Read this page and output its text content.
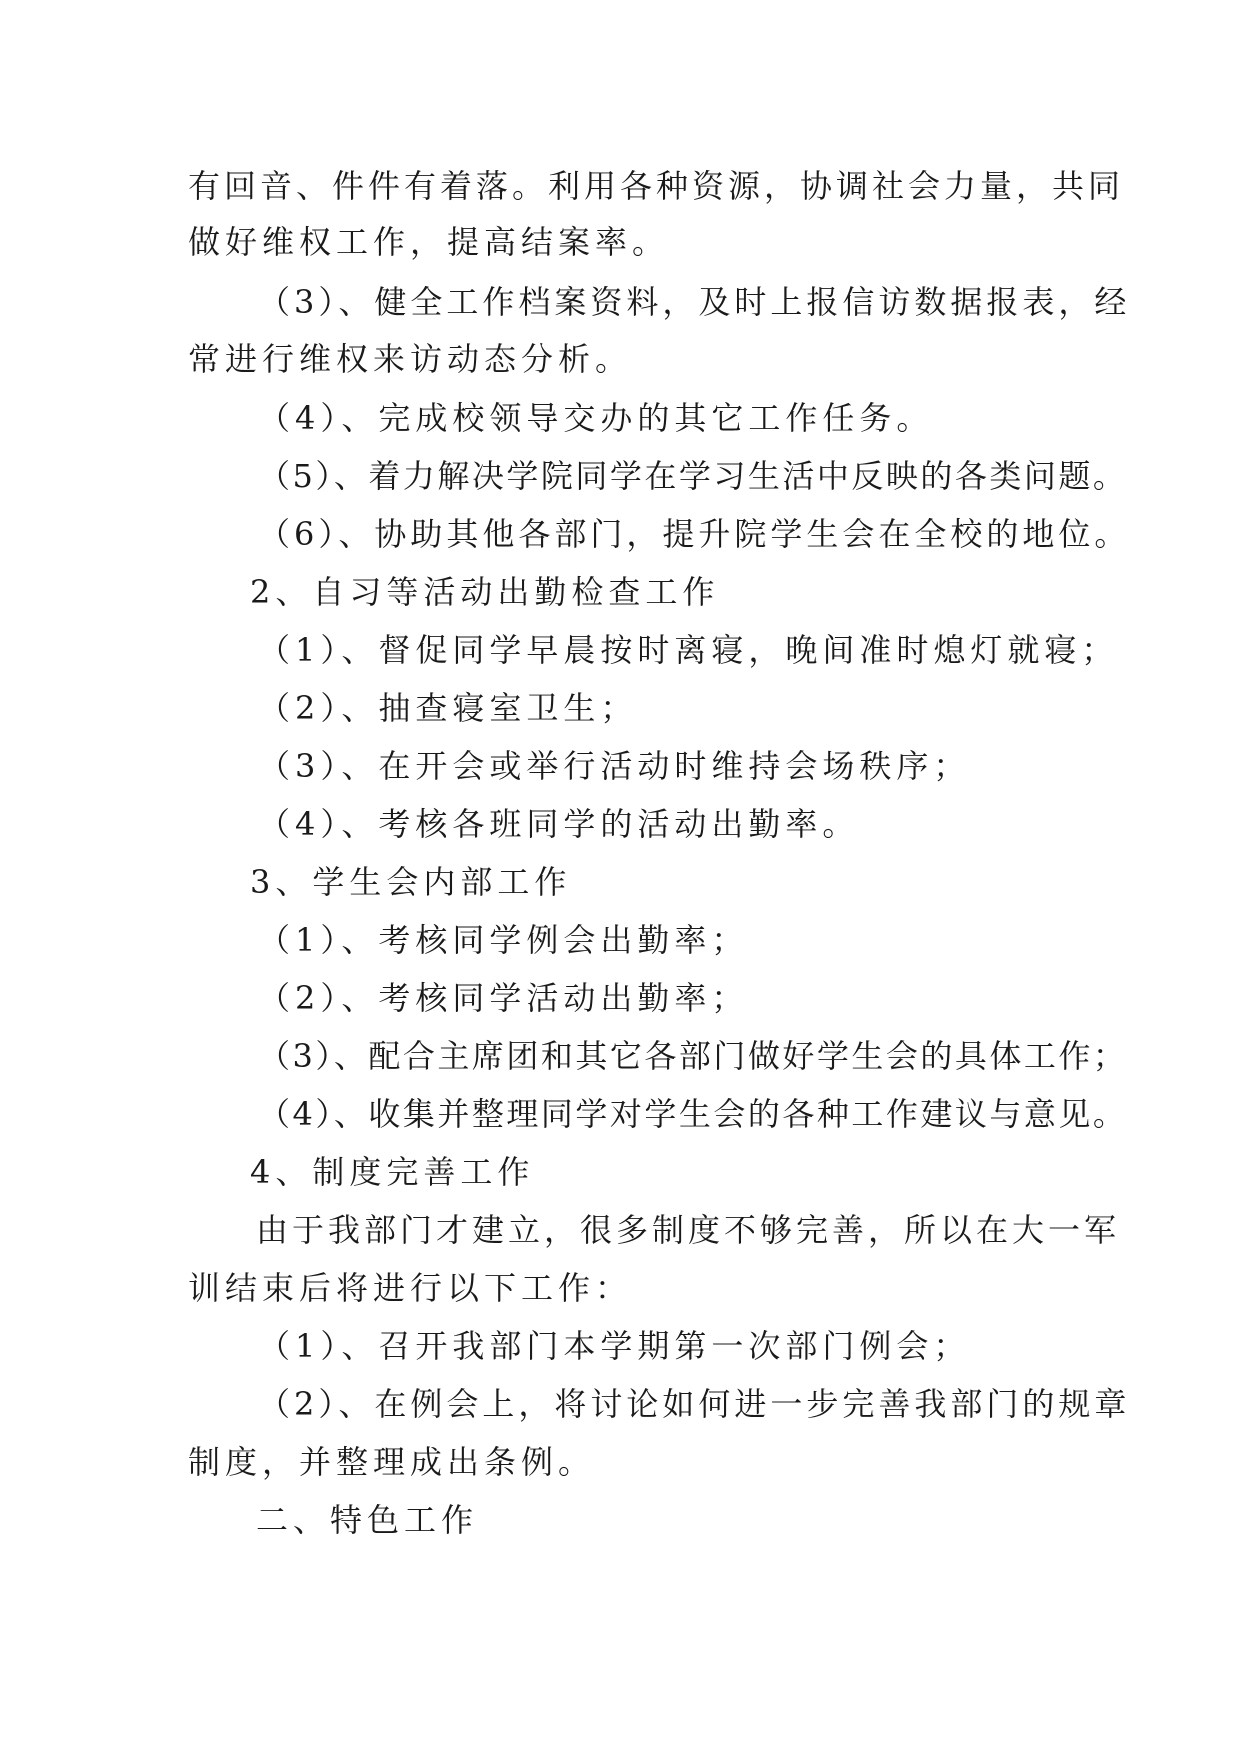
有回音、件件有着落。利用各种资源，协调社会力量，共同
做好维权工作，提高结案率。
（3）、健全工作档案资料，及时上报信访数据报表，经
常进行维权来访动态分析。
（4）、完成校领导交办的其它工作任务。
（5）、着力解决学院同学在学习生活中反映的各类问题。
（6）、协助其他各部门，提升院学生会在全校的地位。
2、自习等活动出勤检查工作
（1）、督促同学早晨按时离寝，晚间准时熄灯就寝；
（2）、抽查寝室卫生；
（3）、在开会或举行活动时维持会场秩序；
（4）、考核各班同学的活动出勤率。
3、学生会内部工作
（1）、考核同学例会出勤率；
（2）、考核同学活动出勤率；
（3）、配合主席团和其它各部门做好学生会的具体工作；
（4）、收集并整理同学对学生会的各种工作建议与意见。
4、制度完善工作
由于我部门才建立，很多制度不够完善，所以在大一军
训结束后将进行以下工作：
（1）、召开我部门本学期第一次部门例会；
（2）、在例会上，将讨论如何进一步完善我部门的规章
制度，并整理成出条例。
二、特色工作
